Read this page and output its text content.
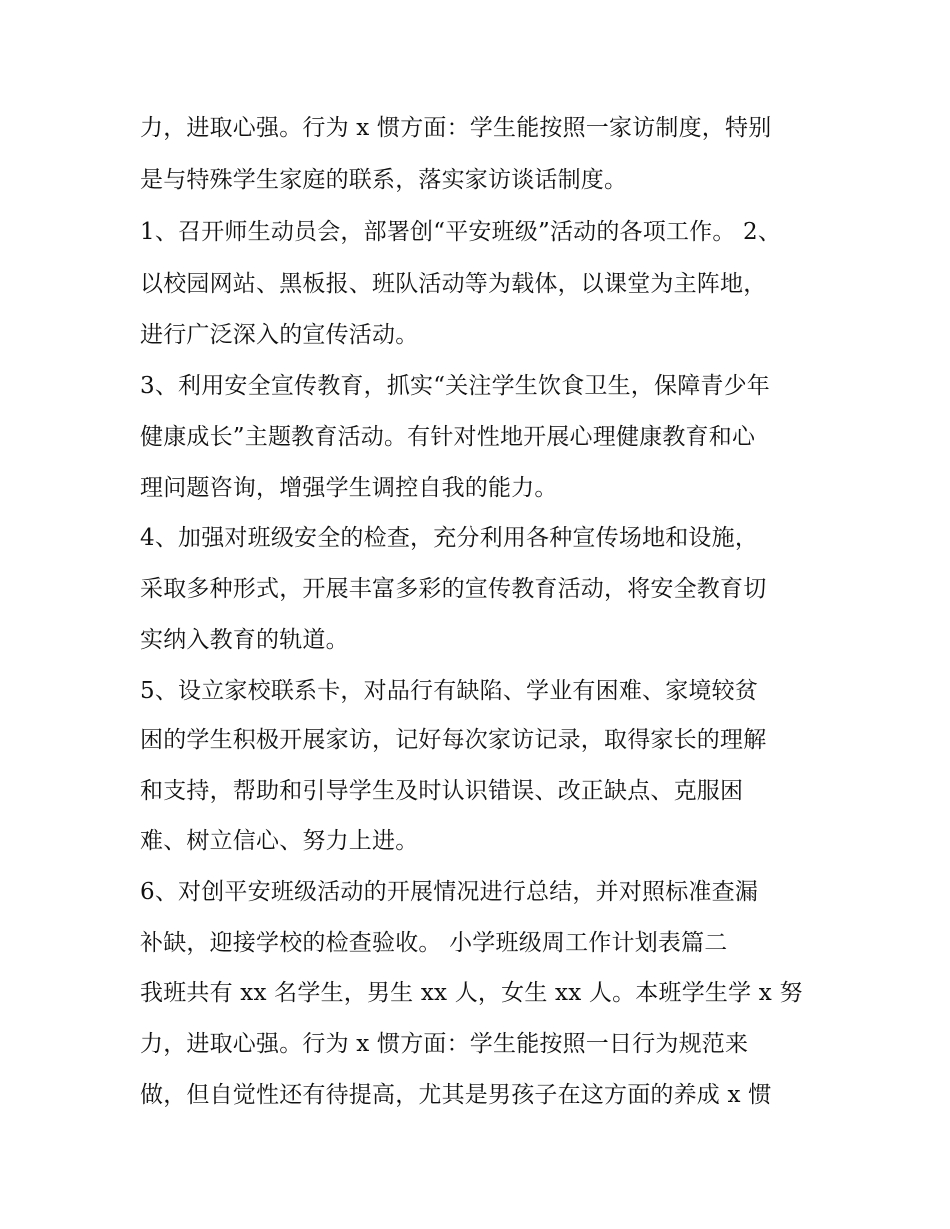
力，进取心强。行为 x 惯方面：学生能按照一家访制度，特别
是与特殊学生家庭的联系，落实家访谈话制度。
1、召开师生动员会，部署创“平安班级”活动的各项工作。 2、
以校园网站、黑板报、班队活动等为载体，以课堂为主阵地，
进行广泛深入的宣传活动。
3、利用安全宣传教育，抓实“关注学生饮食卫生，保障青少年
健康成长”主题教育活动。有针对性地开展心理健康教育和心
理问题咨询，增强学生调控自我的能力。
4、加强对班级安全的检查，充分利用各种宣传场地和设施，
采取多种形式，开展丰富多彩的宣传教育活动，将安全教育切
实纳入教育的轨道。
5、设立家校联系卡，对品行有缺陷、学业有困难、家境较贫
困的学生积极开展家访，记好每次家访记录，取得家长的理解
和支持，帮助和引导学生及时认识错误、改正缺点、克服困
难、树立信心、努力上进。
6、对创平安班级活动的开展情况进行总结，并对照标准查漏
补缺，迎接学校的检查验收。 小学班级周工作计划表篇二
我班共有 xx 名学生，男生 xx 人，女生 xx 人。本班学生学 x 努
力，进取心强。行为 x 惯方面：学生能按照一日行为规范来
做，但自觉性还有待提高，尤其是男孩子在这方面的养成 x 惯
